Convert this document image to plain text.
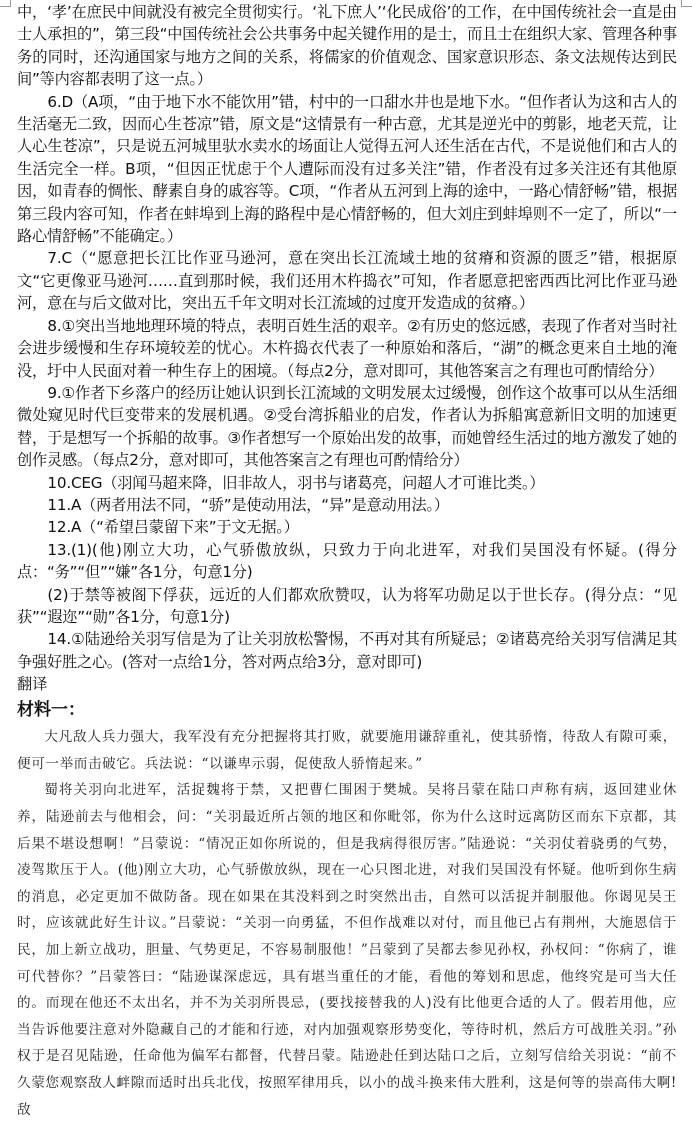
中，‘孝’在庶民中间就没有被完全贯彻实行。‘礼下庶人’‘化民成俗’的工作，在中国传统社会一直是由士人承担的”，第三段“中国传统社会公共事务中起关键作用的是士，而且士在组织大家、管理各种事务的同时，还沟通国家与地方之间的关系，将儒家的价值观念、国家意识形态、条文法规传达到民间”等内容都表明了这一点。）

6.D（A项，“由于地下水不能饮用”错，村中的一口甜水井也是地下水。“但作者认为这和古人的生活毫无二致，因而心生苍凉”错，原文是“这情景有一种古意，尤其是逆光中的剪影，地老天荒，让人心生苍凉”，只是说五河城里驮水卖水的场面让人觉得五河人还生活在古代，不是说他们和古人的生活完全一样。B项，“但因正忧虑于个人遭际而没有过多关注”错，作者没有过多关注还有其他原因，如青春的惆怅、酵素自身的戚容等。C项，“作者从五河到上海的途中，一路心情舒畅”错，根据第三段内容可知，作者在蚌埠到上海的路程中是心情舒畅的，但大刘庄到蚌埠则不一定了，所以“一路心情舒畅”不能确定。）

7.C（“愿意把长江比作亚马逊河，意在突出长江流域土地的贫瘠和资源的匮乏”错，根据原文“它更像亚马逊河……直到那时候，我们还用木杵捣衣”可知，作者愿意把密西西比河比作亚马逊河，意在与后文做对比，突出五千年文明对长江流域的过度开发造成的贫瘠。）

8.①突出当地地理环境的特点，表明百姓生活的艰辛。②有历史的悠远感，表现了作者对当时社会进步缓慢和生存环境较差的忧心。木杵捣衣代表了一种原始和落后，“湖”的概念更来自土地的淹没，圩中人民面对着一种生存上的困境。（每点2分，意对即可，其他答案言之有理也可酌情给分）

9.①作者下乡落户的经历让她认识到长江流域的文明发展太过缓慢，创作这个故事可以从生活细微处窥见时代巨变带来的发展机遇。②受台湾拆船业的启发，作者认为拆船寓意新旧文明的加速更替，于是想写一个拆船的故事。③作者想写一个原始出发的故事，而她曾经生活过的地方激发了她的创作灵感。（每点2分，意对即可，其他答案言之有理也可酌情给分）

10.CEG（羽闻马超来降，旧非故人，羽书与诸葛亮，问超人才可谁比类。）

11.A（两者用法不同，“骄”是使动用法，“异”是意动用法。）

12.A（“希望吕蒙留下来”于文无据。）

13.(1)(他)刚立大功，心气骄傲放纵，只致力于向北进军，对我们吴国没有怀疑。(得分点：“务”“但”“嫌”各1分，句意1分)

(2)于禁等被阁下俘获，远近的人们都欢欣赞叹，认为将军功勋足以于世长存。(得分点：“见获”“遐迩”“勋”各1分，句意1分)

14.①陆逊给关羽写信是为了让关羽放松警惕，不再对其有所疑忌；②诸葛亮给关羽写信满足其争强好胜之心。(答对一点给1分，答对两点给3分，意对即可)

翻译
材料一：

大凡敌人兵力强大，我军没有充分把握将其打败，就要施用谦辞重礼，使其骄惰，待敌人有隙可乘，便可一举而击破它。兵法说：“以谦卑示弱，促使敌人骄惰起来。”

蜀将关羽向北进军，活捉魏将于禁，又把曹仁围困于樊城。吴将吕蒙在陆口声称有病，返回建业休养，陆逊前去与他相会，问：“关羽最近所占领的地区和你毗邻，你为什么这时远离防区而东下京都，其后果不堪设想啊！”吕蒙说：“情况正如你所说的，但是我病得很厉害。”陆逊说：“关羽仗着骁勇的气势，凌驾欺压于人。(他)刚立大功，心气骄傲放纵，现在一心只图北进，对我们吴国没有怀疑。他听到你生病的消息，必定更加不做防备。现在如果在其没料到之时突然出击，自然可以活捉并制服他。你谒见吴王时，应该就此好生计议。”吕蒙说：“关羽一向勇猛，不但作战难以对付，而且他已占有荆州，大施恩信于民，加上新立战功，胆量、气势更足，不容易制服他！”吕蒙到了吴都去参见孙权，孙权问：“你病了，谁可代替你？”吕蒙答曰：“陆逊谋深虑远，具有堪当重任的才能，看他的筹划和思虑，他终究是可当大任的。而现在他还不太出名，并不为关羽所畏忌，(要找接替我的人)没有比他更合适的人了。假若用他，应当告诉他要注意对外隐藏自己的才能和行迹，对内加强观察形势变化，等待时机，然后方可战胜关羽。”孙权于是召见陆逊，任命他为偏军右都督，代替吕蒙。陆逊赴任到达陆口之后，立刻写信给关羽说：“前不久蒙您观察敌人衅隙而适时出兵北伐，按照军律用兵，以小的战斗换来伟大胜利，这是何等的崇高伟大啊!敌
